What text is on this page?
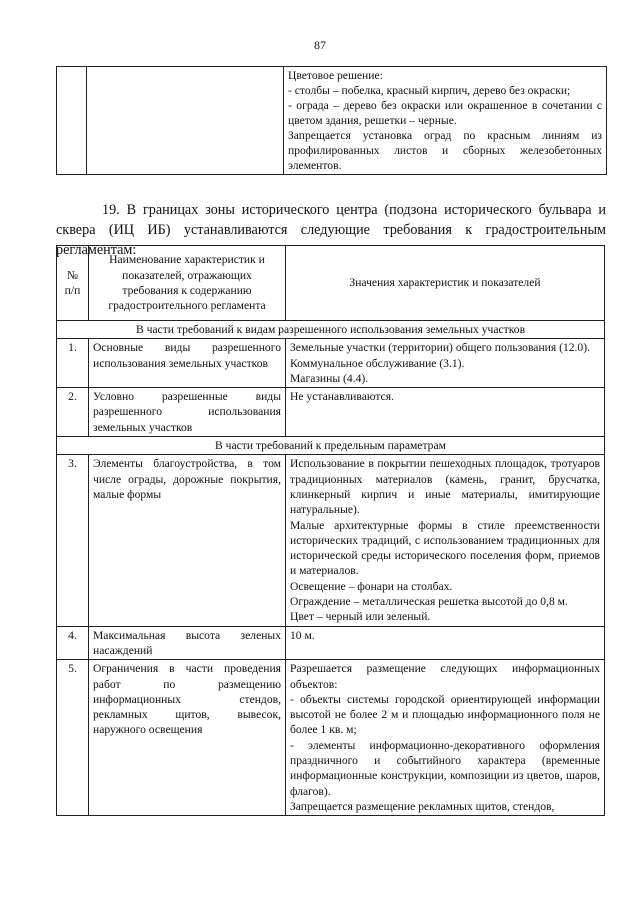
87

Цветовое решение:
- столбы – побелка, красный кирпич, дерево без окраски;
- ограда – дерево без окраски или окрашенное в сочетании с цветом здания, решетки – черные.
Запрещается установка оград по красным линиям из профилированных листов и сборных железобетонных элементов.
19. В границах зоны исторического центра (подзона исторического бульвара и сквера (ИЦ ИБ) устанавливаются следующие требования к градостроительным регламентам:
№ п/п	Наименование характеристик и показателей, отражающих требования к содержанию градостроительного регламента	Значения характеристик и показателей
В части требований к видам разрешенного использования земельных участков		
1.	Основные виды разрешенного использования земельных участков	Земельные участки (территории) общего пользования (12.0).
Коммунальное обслуживание (3.1).
Магазины (4.4).

2.	Условно разрешенные виды разрешенного использования земельных участков	Не устанавливаются.

В части требований к предельным параметрам		
3.	Элементы благоустройства, в том числе ограды, дорожные покрытия, малые формы	Использование в покрытии пешеходных площадок, тротуаров традиционных материалов (камень, гранит, брусчатка, клинкерный кирпич и иные материалы, имитирующие натуральные).
Малые архитектурные формы в стиле преемственности исторических традиций, с использованием традиционных для исторической среды исторического поселения форм, приемов и материалов.
Освещение – фонари на столбах.
Ограждение – металлическая решетка высотой до 0,8 м.
Цвет – черный или зеленый.

4.	Максимальная высота зеленых насаждений	10 м.

5.	Ограничения в части проведения работ по размещению информационных стендов, рекламных щитов, вывесок, наружного освещения	Разрешается размещение следующих информационных объектов:
- объекты системы городской ориентирующей информации высотой не более 2 м и площадью информационного поля не более 1 кв. м;
- элементы информационно-декоративного оформления праздничного и событийного характера (временные информационные конструкции, композиции из цветов, шаров, флагов).
Запрещается размещение рекламных щитов, стендов,
